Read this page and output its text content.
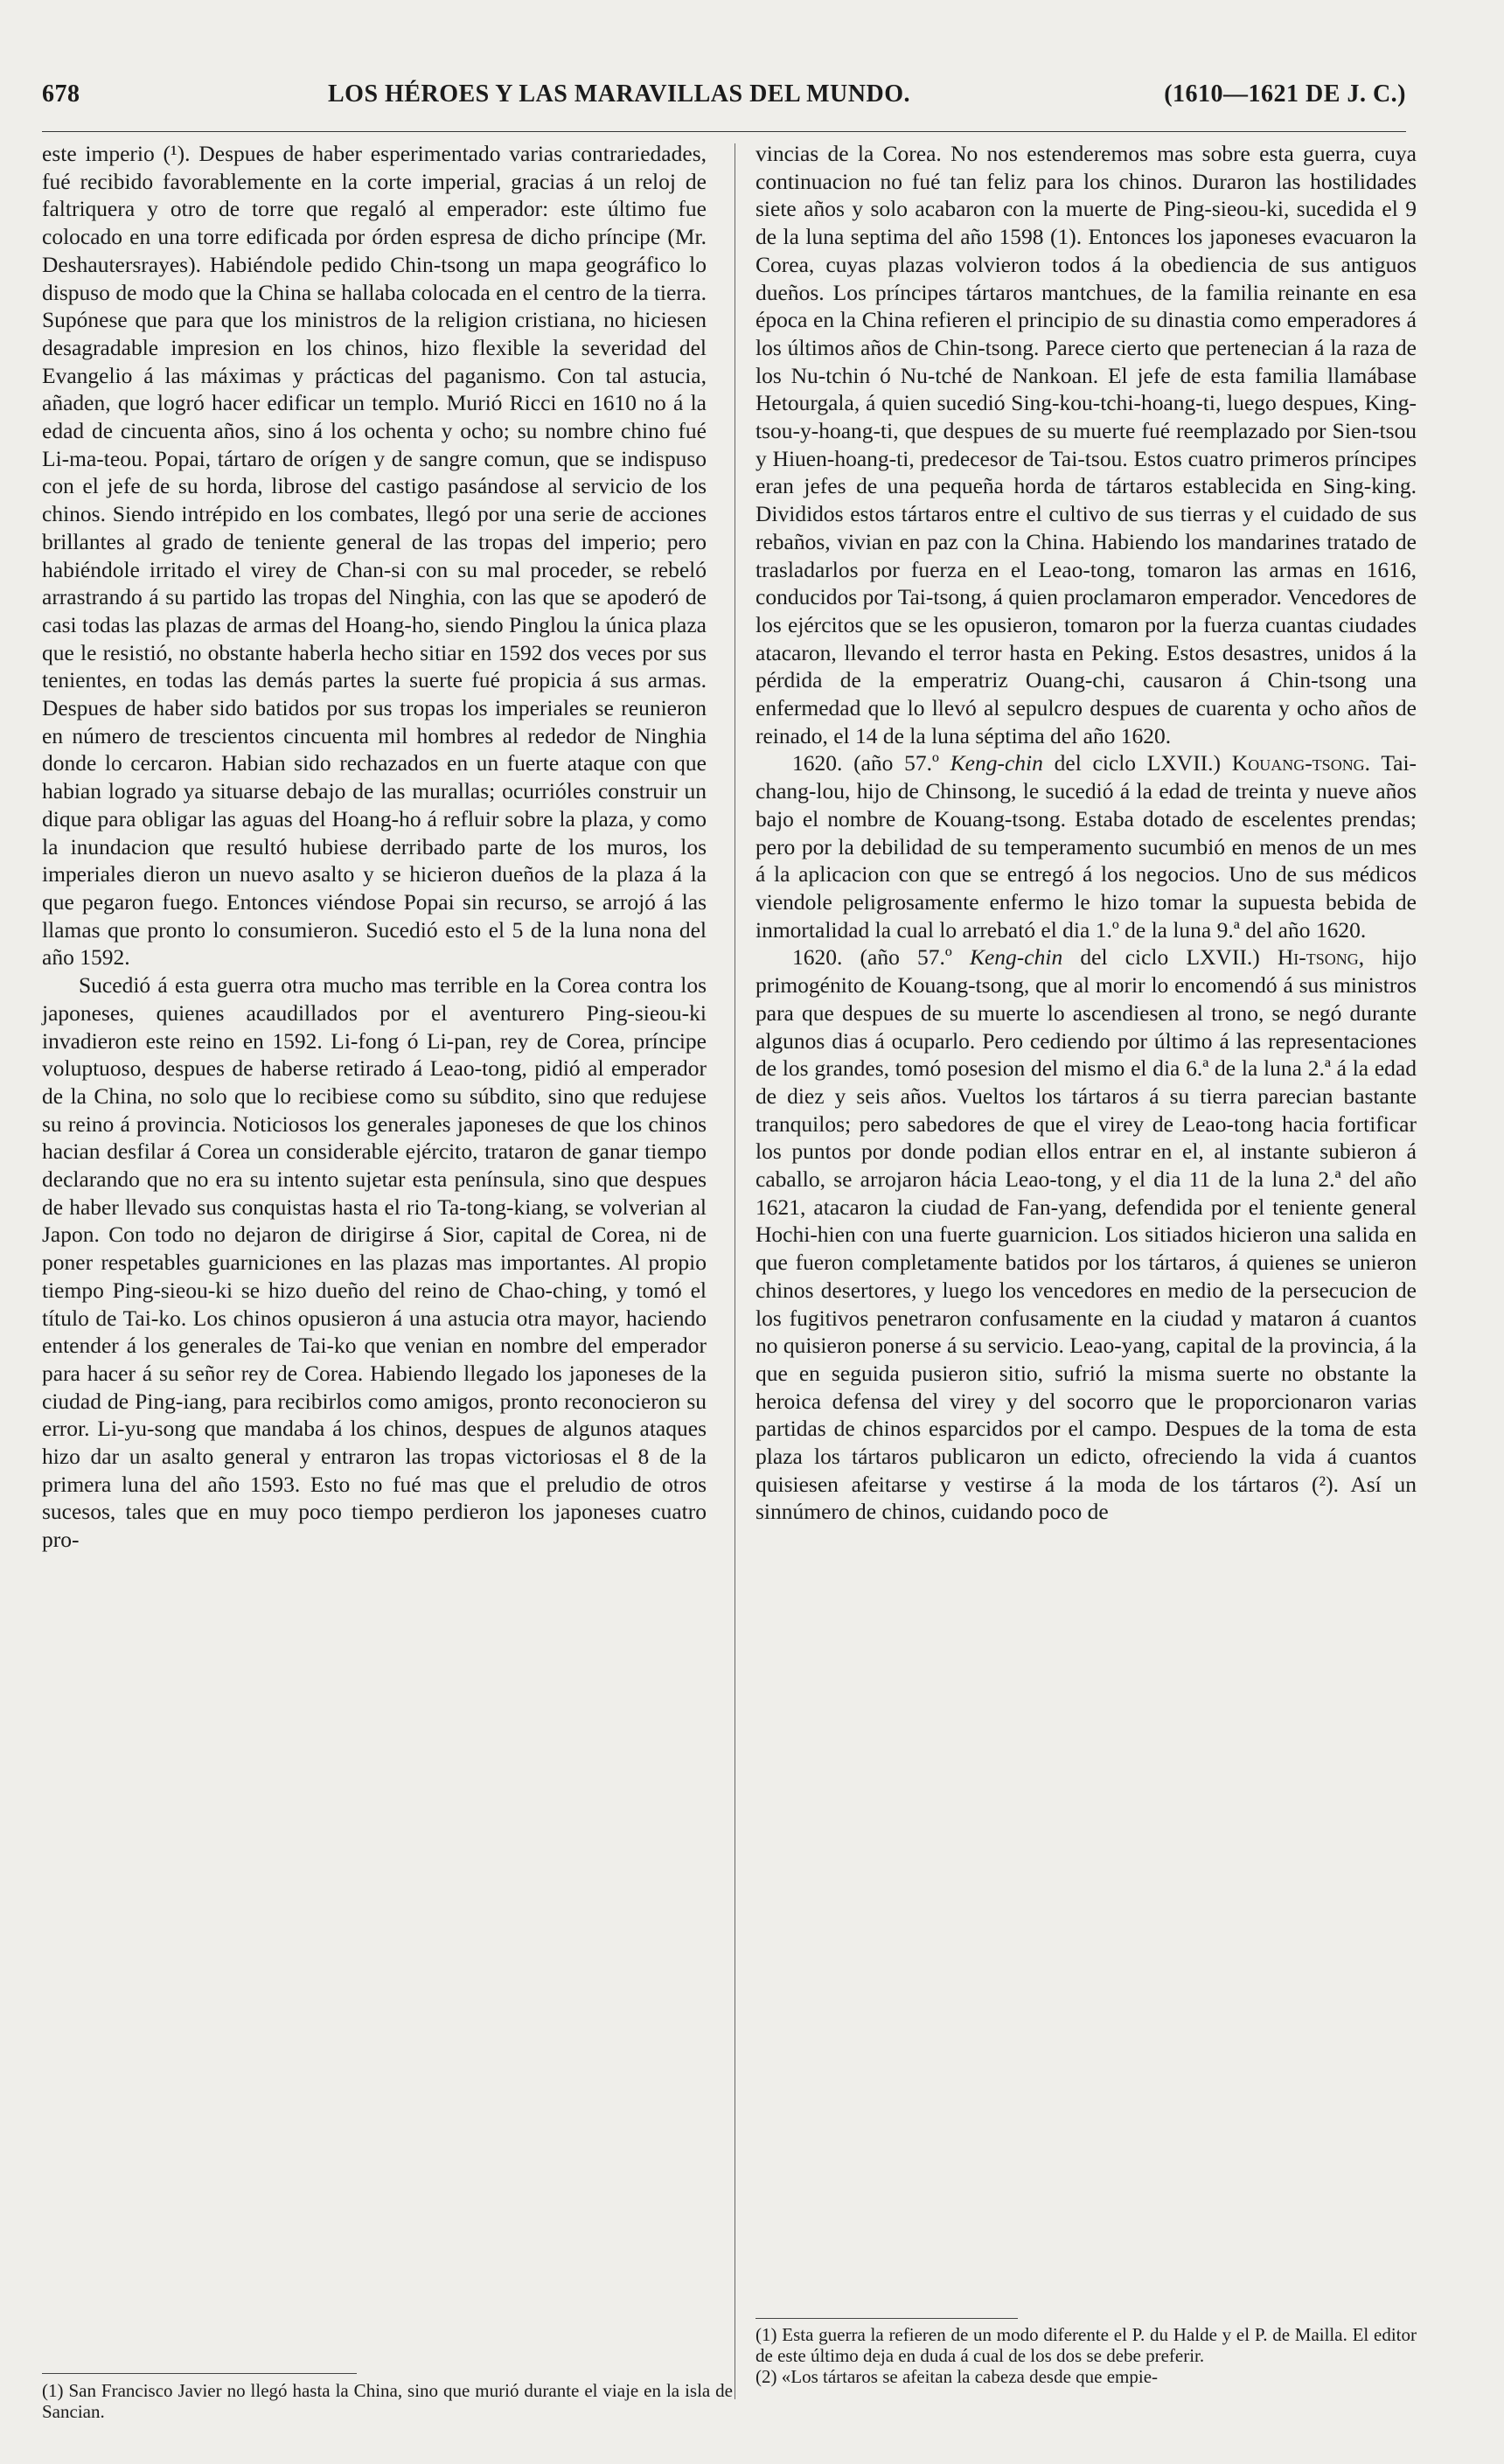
678	LOS HÉROES Y LAS MARAVILLAS DEL MUNDO.	(1610—1621 DE J. C.)

este imperio (¹). Despues de haber esperimentado varias contrariedades, fué recibido favorablemente en la corte imperial, gracias á un reloj de faltriquera y otro de torre que regaló al emperador: este último fue colocado en una torre edificada por órden espresa de dicho príncipe (Mr. Deshautersrayes). Habiéndole pedido Chin-tsong un mapa geográfico lo dispuso de modo que la China se hallaba colocada en el centro de la tierra. Supónese que para que los ministros de la religion cristiana, no hiciesen desagradable impresion en los chinos, hizo flexible la severidad del Evangelio á las máximas y prácticas del paganismo. Con tal astucia, añaden, que logró hacer edificar un templo. Murió Ricci en 1610 no á la edad de cincuenta años, sino á los ochenta y ocho; su nombre chino fué Li-ma-teou. Popai, tártaro de orígen y de sangre comun, que se indispuso con el jefe de su horda, librose del castigo pasándose al servicio de los chinos. Siendo intrépido en los combates, llegó por una serie de acciones brillantes al grado de teniente general de las tropas del imperio; pero habiéndole irritado el virey de Chan-si con su mal proceder, se rebeló arrastrando á su partido las tropas del Ninghia, con las que se apoderó de casi todas las plazas de armas del Hoang-ho, siendo Pinglou la única plaza que le resistió, no obstante haberla hecho sitiar en 1592 dos veces por sus tenientes, en todas las demás partes la suerte fué propicia á sus armas. Despues de haber sido batidos por sus tropas los imperiales se reunieron en número de trescientos cincuenta mil hombres al rededor de Ninghia donde lo cercaron. Habian sido rechazados en un fuerte ataque con que habian logrado ya situarse debajo de las murallas; ocurrióles construir un dique para obligar las aguas del Hoang-ho á refluir sobre la plaza, y como la inundacion que resultó hubiese derribado parte de los muros, los imperiales dieron un nuevo asalto y se hicieron dueños de la plaza á la que pegaron fuego. Entonces viéndose Popai sin recurso, se arrojó á las llamas que pronto lo consumieron. Sucedió esto el 5 de la luna nona del año 1592.

Sucedió á esta guerra otra mucho mas terrible en la Corea contra los japoneses, quienes acaudillados por el aventurero Ping-sieou-ki invadieron este reino en 1592. Li-fong ó Li-pan, rey de Corea, príncipe voluptuoso, despues de haberse retirado á Leao-tong, pidió al emperador de la China, no solo que lo recibiese como su súbdito, sino que redujese su reino á provincia. Noticiosos los generales japoneses de que los chinos hacian desfilar á Corea un considerable ejército, trataron de ganar tiempo declarando que no era su intento sujetar esta península, sino que despues de haber llevado sus conquistas hasta el rio Ta-tong-kiang, se volverian al Japon. Con todo no dejaron de dirigirse á Sior, capital de Corea, ni de poner respetables guarniciones en las plazas mas importantes. Al propio tiempo Ping-sieou-ki se hizo dueño del reino de Chao-ching, y tomó el título de Tai-ko. Los chinos opusieron á una astucia otra mayor, haciendo entender á los generales de Tai-ko que venian en nombre del emperador para hacer á su señor rey de Corea. Habiendo llegado los japoneses de la ciudad de Ping-iang, para recibirlos como amigos, pronto reconocieron su error. Li-yu-song que mandaba á los chinos, despues de algunos ataques hizo dar un asalto general y entraron las tropas victoriosas el 8 de la primera luna del año 1593. Esto no fué mas que el preludio de otros sucesos, tales que en muy poco tiempo perdieron los japoneses cuatro pro-

(1) San Francisco Javier no llegó hasta la China, sino que murió durante el viaje en la isla de Sancian.

vincias de la Corea. No nos estenderemos mas sobre esta guerra, cuya continuacion no fué tan feliz para los chinos. Duraron las hostilidades siete años y solo acabaron con la muerte de Ping-sieou-ki, sucedida el 9 de la luna septima del año 1598 (1). Entonces los japoneses evacuaron la Corea, cuyas plazas volvieron todos á la obediencia de sus antiguos dueños. Los príncipes tártaros mantchues, de la familia reinante en esa época en la China refieren el principio de su dinastia como emperadores á los últimos años de Chin-tsong. Parece cierto que pertenecian á la raza de los Nu-tchin ó Nu-tché de Nankoan. El jefe de esta familia llamábase Hetourgala, á quien sucedió Sing-kou-tchi-hoang-ti, luego despues, King-tsou-y-hoang-ti, que despues de su muerte fué reemplazado por Sien-tsou y Hiuen-hoang-ti, predecesor de Tai-tsou. Estos cuatro primeros príncipes eran jefes de una pequeña horda de tártaros establecida en Sing-king. Divididos estos tártaros entre el cultivo de sus tierras y el cuidado de sus rebaños, vivian en paz con la China. Habiendo los mandarines tratado de trasladarlos por fuerza en el Leao-tong, tomaron las armas en 1616, conducidos por Tai-tsong, á quien proclamaron emperador. Vencedores de los ejércitos que se les opusieron, tomaron por la fuerza cuantas ciudades atacaron, llevando el terror hasta en Peking. Estos desastres, unidos á la pérdida de la emperatriz Ouang-chi, causaron á Chin-tsong una enfermedad que lo llevó al sepulcro despues de cuarenta y ocho años de reinado, el 14 de la luna séptima del año 1620.

1620. (año 57.º Keng-chin del ciclo LXVII.) Kouang-tsong. Tai-chang-lou, hijo de Chinsong, le sucedió á la edad de treinta y nueve años bajo el nombre de Kouang-tsong. Estaba dotado de escelentes prendas; pero por la debilidad de su temperamento sucumbió en menos de un mes á la aplicacion con que se entregó á los negocios. Uno de sus médicos viendole peligrosamente enfermo le hizo tomar la supuesta bebida de inmortalidad la cual lo arrebató el dia 1.º de la luna 9.ª del año 1620.

1620. (año 57.º Keng-chin del ciclo LXVII.) Hi-tsong, hijo primogénito de Kouang-tsong, que al morir lo encomendó á sus ministros para que despues de su muerte lo ascendiesen al trono, se negó durante algunos dias á ocuparlo. Pero cediendo por último á las representaciones de los grandes, tomó posesion del mismo el dia 6.ª de la luna 2.ª á la edad de diez y seis años. Vueltos los tártaros á su tierra parecian bastante tranquilos; pero sabedores de que el virey de Leao-tong hacia fortificar los puntos por donde podian ellos entrar en el, al instante subieron á caballo, se arrojaron hácia Leao-tong, y el dia 11 de la luna 2.ª del año 1621, atacaron la ciudad de Fan-yang, defendida por el teniente general Hochi-hien con una fuerte guarnicion. Los sitiados hicieron una salida en que fueron completamente batidos por los tártaros, á quienes se unieron chinos desertores, y luego los vencedores en medio de la persecucion de los fugitivos penetraron confusamente en la ciudad y mataron á cuantos no quisieron ponerse á su servicio. Leao-yang, capital de la provincia, á la que en seguida pusieron sitio, sufrió la misma suerte no obstante la heroica defensa del virey y del socorro que le proporcionaron varias partidas de chinos esparcidos por el campo. Despues de la toma de esta plaza los tártaros publicaron un edicto, ofreciendo la vida á cuantos quisiesen afeitarse y vestirse á la moda de los tártaros (²). Así un sinnúmero de chinos, cuidando poco de

(1) Esta guerra la refieren de un modo diferente el P. du Halde y el P. de Mailla. El editor de este último deja en duda á cual de los dos se debe preferir.

(2) «Los tártaros se afeitan la cabeza desde que empie-
